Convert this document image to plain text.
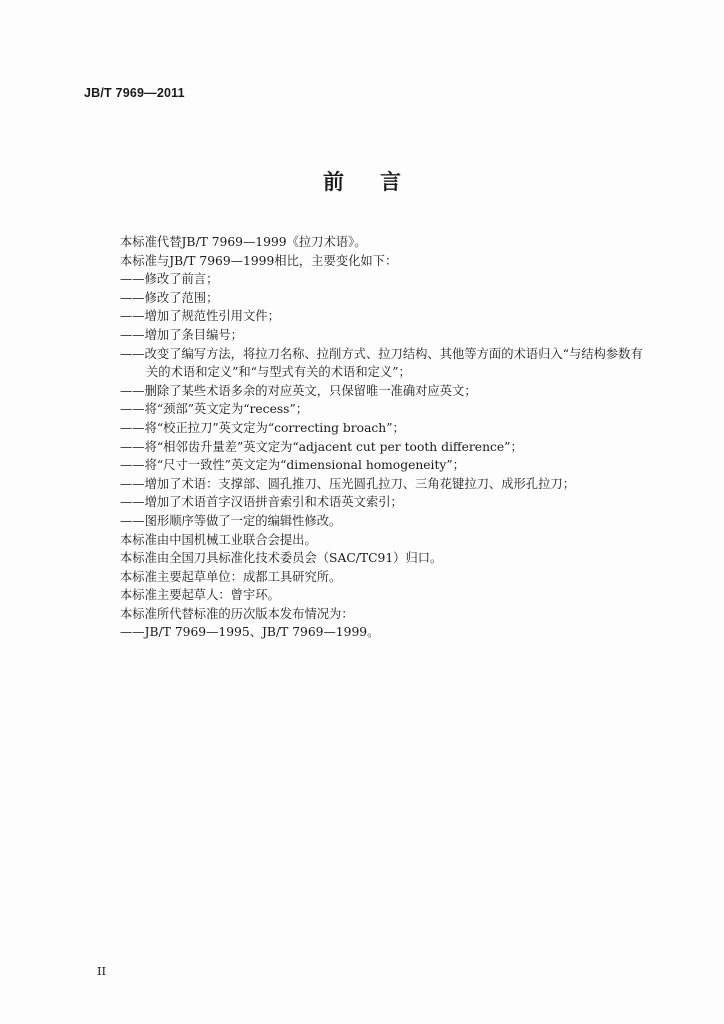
JB/T 7969—2011
前 言
本标准代替JB/T 7969—1999《拉刀术语》。
本标准与JB/T 7969—1999相比，主要变化如下：
——修改了前言；
——修改了范围；
——增加了规范性引用文件；
——增加了条目编号；
——改变了编写方法，将拉刀名称、拉削方式、拉刀结构、其他等方面的术语归入“与结构参数有
关的术语和定义”和“与型式有关的术语和定义”；
——删除了某些术语多余的对应英文，只保留唯一准确对应英文；
——将“颈部”英文定为“recess”；
——将“校正拉刀”英文定为“correcting broach”；
——将“相邻齿升量差”英文定为“adjacent cut per tooth difference”；
——将“尺寸一致性”英文定为“dimensional homogeneity”；
——增加了术语：支撑部、圆孔推刀、压光圆孔拉刀、三角花键拉刀、成形孔拉刀；
——增加了术语首字汉语拼音索引和术语英文索引；
——图形顺序等做了一定的编辑性修改。
本标准由中国机械工业联合会提出。
本标准由全国刀具标准化技术委员会（SAC/TC91）归口。
本标准主要起草单位：成都工具研究所。
本标准主要起草人：曾宇环。
本标准所代替标准的历次版本发布情况为：
——JB/T 7969—1995、JB/T 7969—1999。
II
